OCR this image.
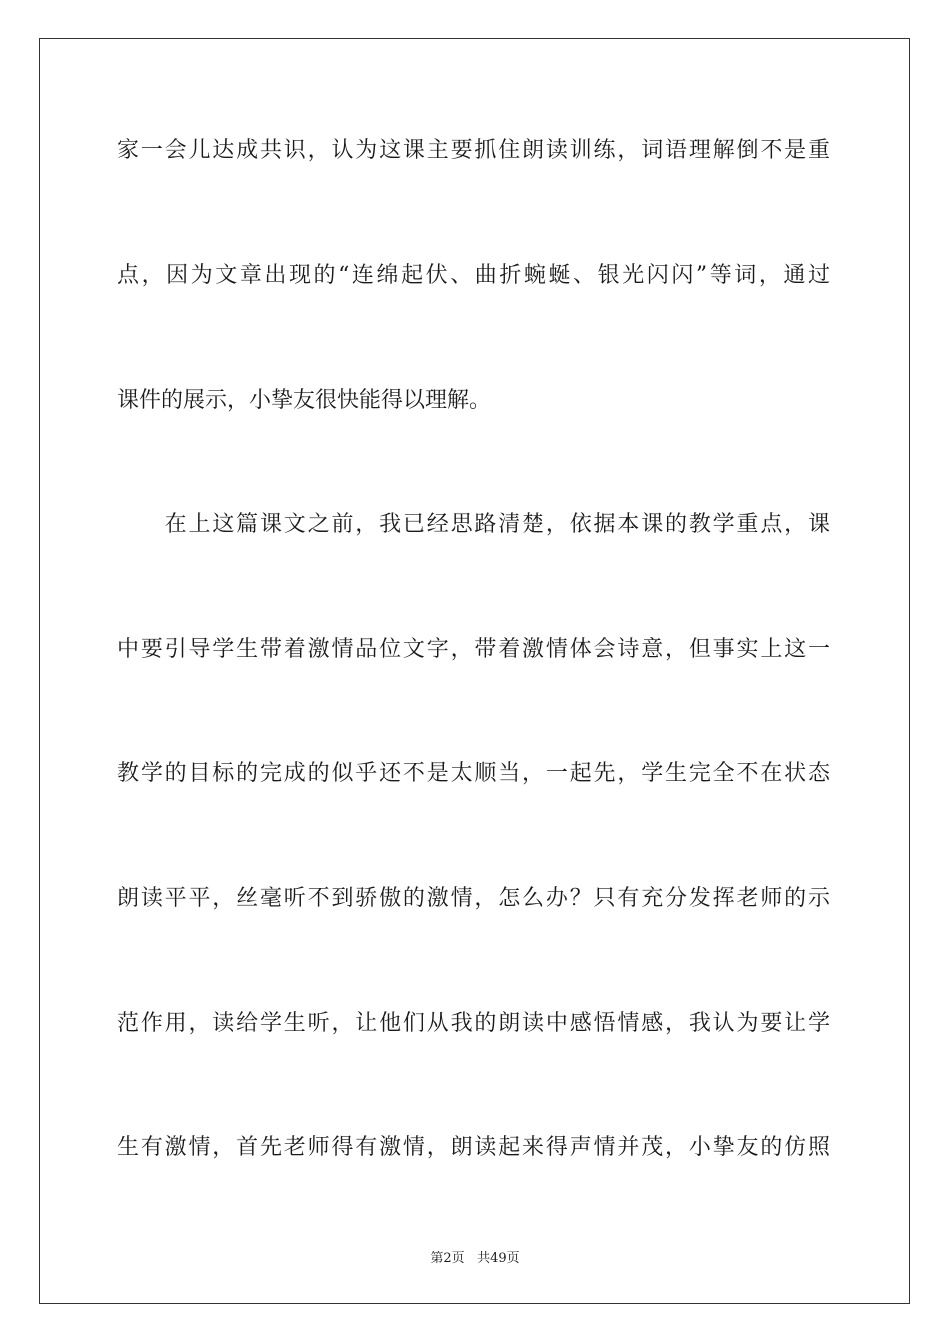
家一会儿达成共识，认为这课主要抓住朗读训练，词语理解倒不是重
点，因为文章出现的“连绵起伏、曲折蜿蜒、银光闪闪”等词，通过
课件的展示，小挚友很快能得以理解。
　　在上这篇课文之前，我已经思路清楚，依据本课的教学重点，课
中要引导学生带着激情品位文字，带着激情体会诗意，但事实上这一
教学的目标的完成的似乎还不是太顺当，一起先，学生完全不在状态
朗读平平，丝毫听不到骄傲的激情，怎么办？只有充分发挥老师的示
范作用，读给学生听，让他们从我的朗读中感悟情感，我认为要让学
生有激情，首先老师得有激情，朗读起来得声情并茂，小挚友的仿照
第2页 共49页
